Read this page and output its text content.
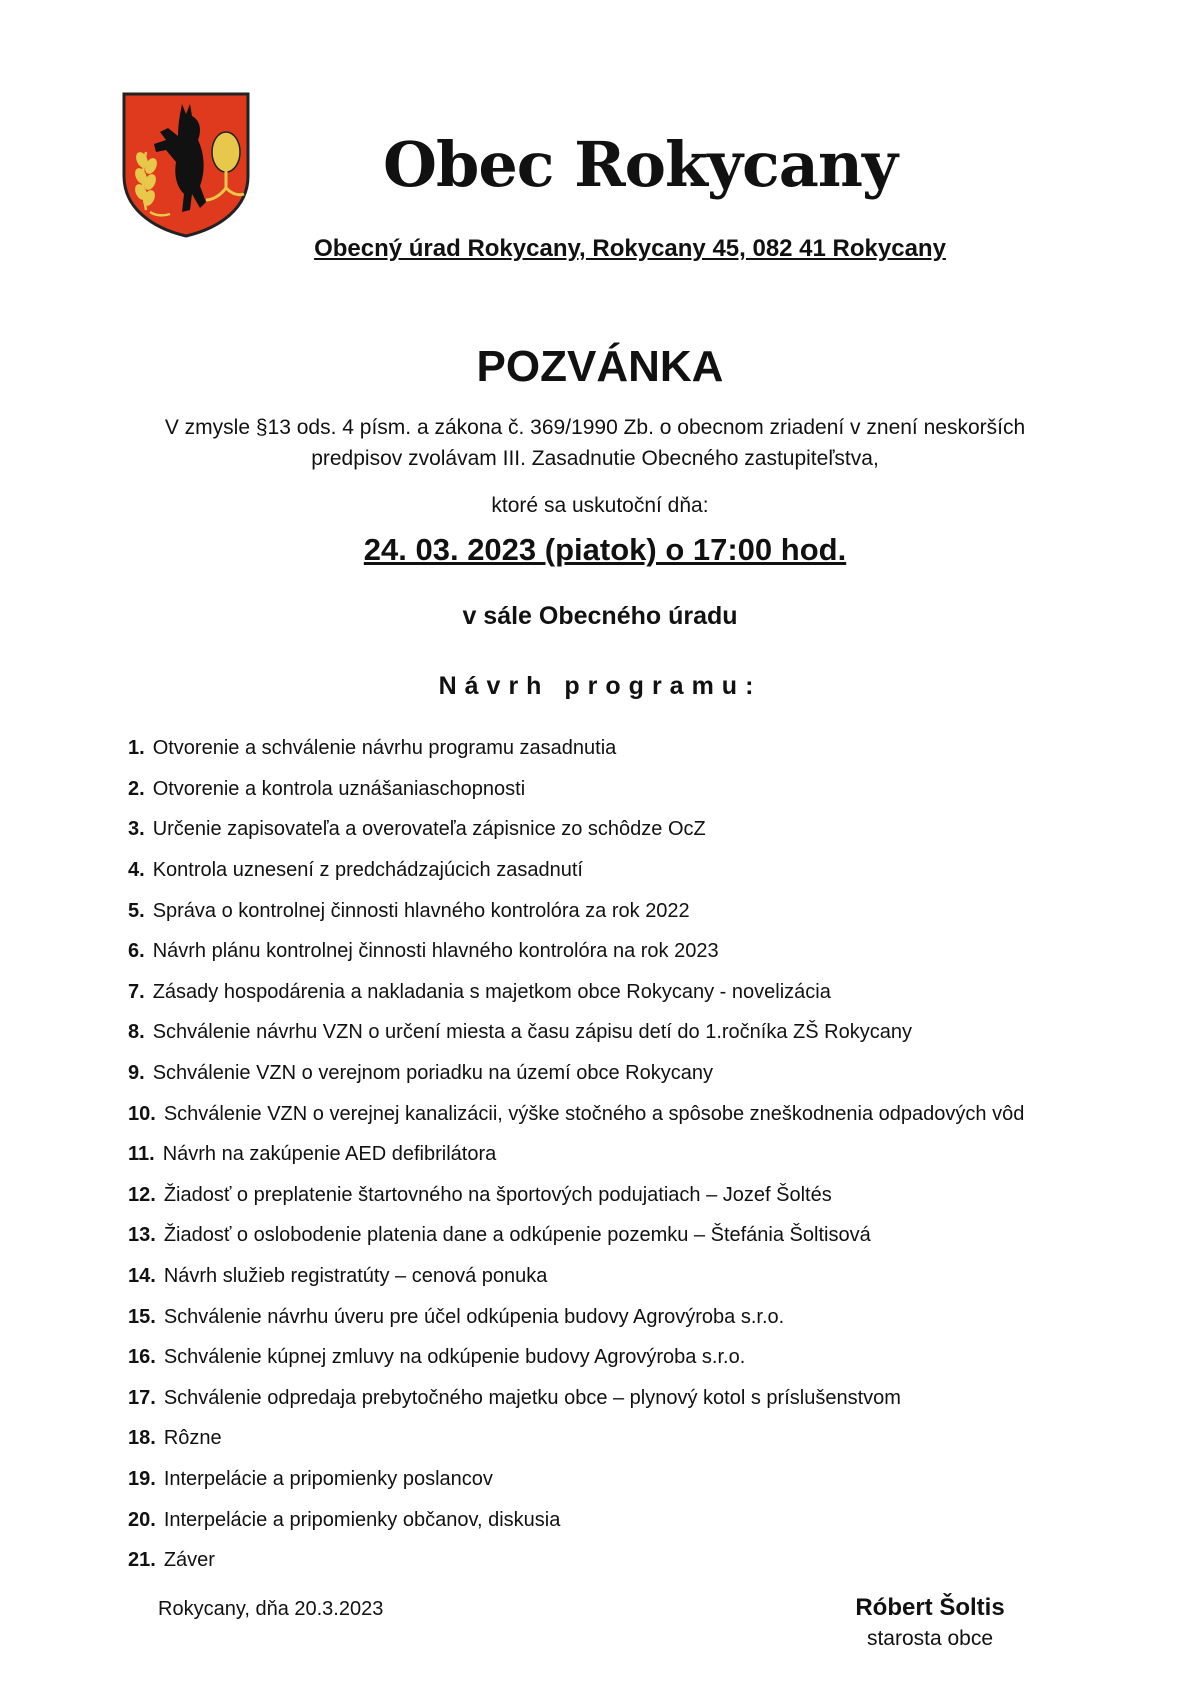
Obec Rokycany
Obecný úrad Rokycany, Rokycany 45, 082 41 Rokycany
POZVÁNKA
V zmysle §13 ods. 4 písm. a zákona č. 369/1990 Zb. o obecnom zriadení v znení neskorších
predpisov zvolávam III. Zasadnutie Obecného zastupiteľstva,
ktoré sa uskutoční dňa:
24. 03. 2023 (piatok) o 17:00 hod.
v sále Obecného úradu
Návrh programu:
1. Otvorenie a schválenie návrhu programu zasadnutia
2. Otvorenie a kontrola uznášaniaschopnosti
3. Určenie zapisovateľa a overovateľa zápisnice zo schôdze OcZ
4. Kontrola uznesení z predchádzajúcich zasadnutí
5. Správa o kontrolnej činnosti hlavného kontrolóra za rok 2022
6. Návrh plánu kontrolnej činnosti hlavného kontrolóra na rok 2023
7. Zásady hospodárenia a nakladania s majetkom obce Rokycany - novelizácia
8. Schválenie návrhu VZN o určení miesta a času zápisu detí do 1.ročníka ZŠ Rokycany
9. Schválenie VZN o verejnom poriadku na území obce Rokycany
10. Schválenie VZN o verejnej kanalizácii, výške stočného a spôsobe zneškodnenia odpadových vôd
11. Návrh na zakúpenie AED defibrilátora
12. Žiadosť o preplatenie štartovného na športových podujatiach – Jozef Šoltés
13. Žiadosť o oslobodenie platenia dane a odkúpenie pozemku – Štefánia Šoltisová
14. Návrh služieb registratúty – cenová ponuka
15. Schválenie návrhu úveru pre účel odkúpenia budovy Agrovýroba s.r.o.
16. Schválenie kúpnej zmluvy na odkúpenie budovy Agrovýroba s.r.o.
17. Schválenie odpredaja prebytočného majetku obce – plynový kotol s príslušenstvom
18. Rôzne
19. Interpelácie a pripomienky poslancov
20. Interpelácie a pripomienky občanov, diskusia
21. Záver
Rokycany, dňa 20.3.2023	Róbert Šoltis
starosta obce
